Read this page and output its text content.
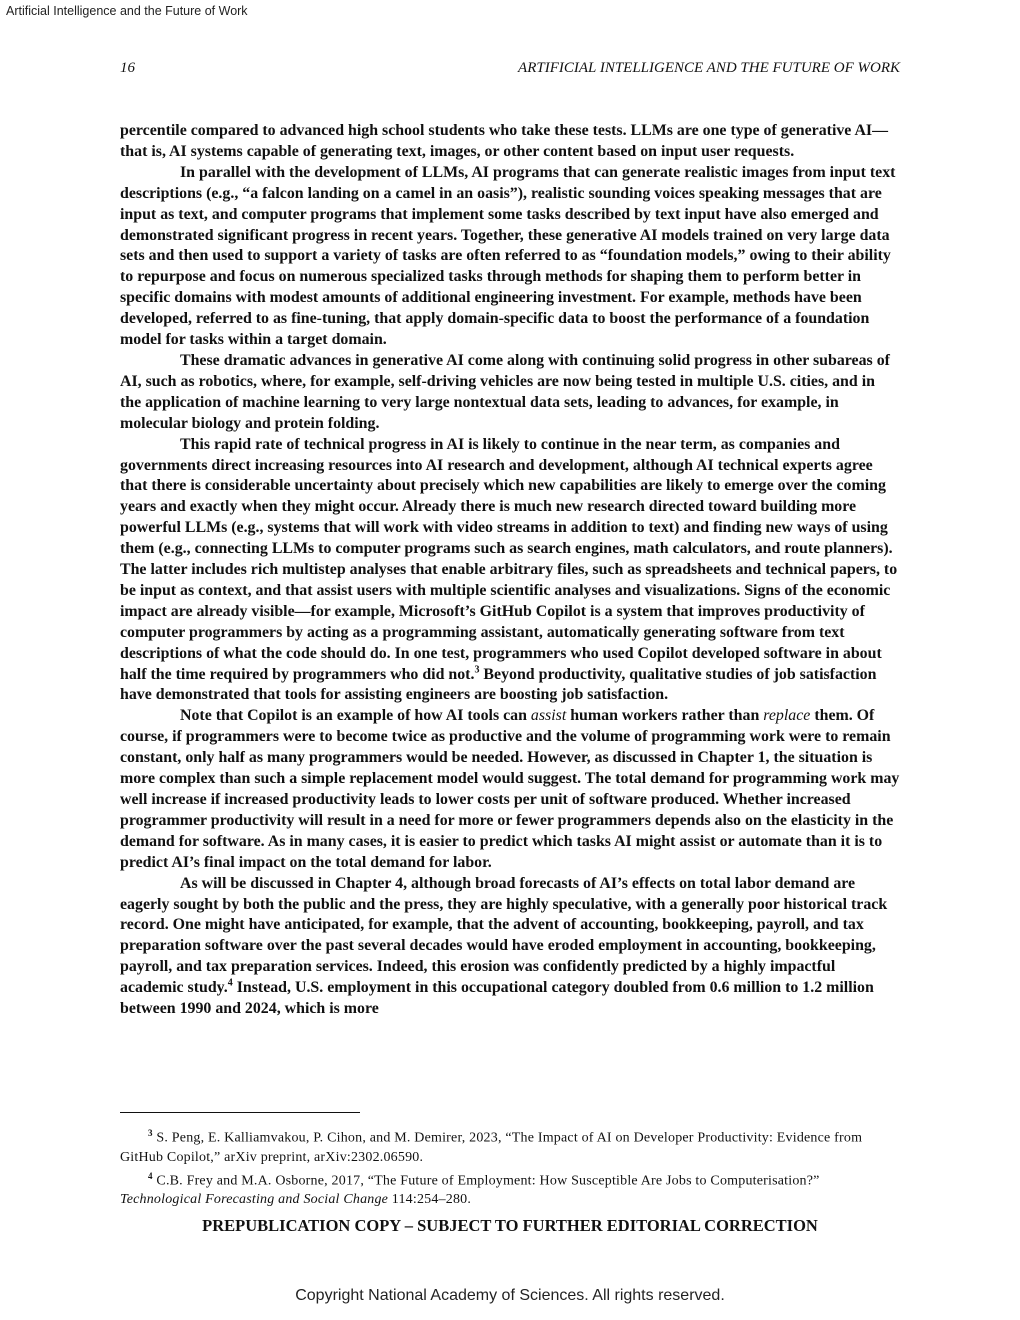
Artificial Intelligence and the Future of Work
16	ARTIFICIAL INTELLIGENCE AND THE FUTURE OF WORK

percentile compared to advanced high school students who take these tests. LLMs are one type of generative AI—that is, AI systems capable of generating text, images, or other content based on input user requests.

In parallel with the development of LLMs, AI programs that can generate realistic images from input text descriptions (e.g., “a falcon landing on a camel in an oasis”), realistic sounding voices speaking messages that are input as text, and computer programs that implement some tasks described by text input have also emerged and demonstrated significant progress in recent years. Together, these generative AI models trained on very large data sets and then used to support a variety of tasks are often referred to as “foundation models,” owing to their ability to repurpose and focus on numerous specialized tasks through methods for shaping them to perform better in specific domains with modest amounts of additional engineering investment. For example, methods have been developed, referred to as fine-tuning, that apply domain-specific data to boost the performance of a foundation model for tasks within a target domain.

These dramatic advances in generative AI come along with continuing solid progress in other subareas of AI, such as robotics, where, for example, self-driving vehicles are now being tested in multiple U.S. cities, and in the application of machine learning to very large nontextual data sets, leading to advances, for example, in molecular biology and protein folding.

This rapid rate of technical progress in AI is likely to continue in the near term, as companies and governments direct increasing resources into AI research and development, although AI technical experts agree that there is considerable uncertainty about precisely which new capabilities are likely to emerge over the coming years and exactly when they might occur. Already there is much new research directed toward building more powerful LLMs (e.g., systems that will work with video streams in addition to text) and finding new ways of using them (e.g., connecting LLMs to computer programs such as search engines, math calculators, and route planners). The latter includes rich multistep analyses that enable arbitrary files, such as spreadsheets and technical papers, to be input as context, and that assist users with multiple scientific analyses and visualizations. Signs of the economic impact are already visible—for example, Microsoft’s GitHub Copilot is a system that improves productivity of computer programmers by acting as a programming assistant, automatically generating software from text descriptions of what the code should do. In one test, programmers who used Copilot developed software in about half the time required by programmers who did not.$^3$ Beyond productivity, qualitative studies of job satisfaction have demonstrated that tools for assisting engineers are boosting job satisfaction.

Note that Copilot is an example of how AI tools can assist human workers rather than replace them. Of course, if programmers were to become twice as productive and the volume of programming work were to remain constant, only half as many programmers would be needed. However, as discussed in Chapter 1, the situation is more complex than such a simple replacement model would suggest. The total demand for programming work may well increase if increased productivity leads to lower costs per unit of software produced. Whether increased programmer productivity will result in a need for more or fewer programmers depends also on the elasticity in the demand for software. As in many cases, it is easier to predict which tasks AI might assist or automate than it is to predict AI’s final impact on the total demand for labor.

As will be discussed in Chapter 4, although broad forecasts of AI’s effects on total labor demand are eagerly sought by both the public and the press, they are highly speculative, with a generally poor historical track record. One might have anticipated, for example, that the advent of accounting, bookkeeping, payroll, and tax preparation software over the past several decades would have eroded employment in accounting, bookkeeping, payroll, and tax preparation services. Indeed, this erosion was confidently predicted by a highly impactful academic study.$^4$ Instead, U.S. employment in this occupational category doubled from 0.6 million to 1.2 million between 1990 and 2024, which is more

$^3$ S. Peng, E. Kalliamvakou, P. Cihon, and M. Demirer, 2023, “The Impact of AI on Developer Productivity: Evidence from GitHub Copilot,” arXiv preprint, arXiv:2302.06590.

$^4$ C.B. Frey and M.A. Osborne, 2017, “The Future of Employment: How Susceptible Are Jobs to Computerisation?” Technological Forecasting and Social Change 114:254–280.

PREPUBLICATION COPY – SUBJECT TO FURTHER EDITORIAL CORRECTION
Copyright National Academy of Sciences. All rights reserved.
